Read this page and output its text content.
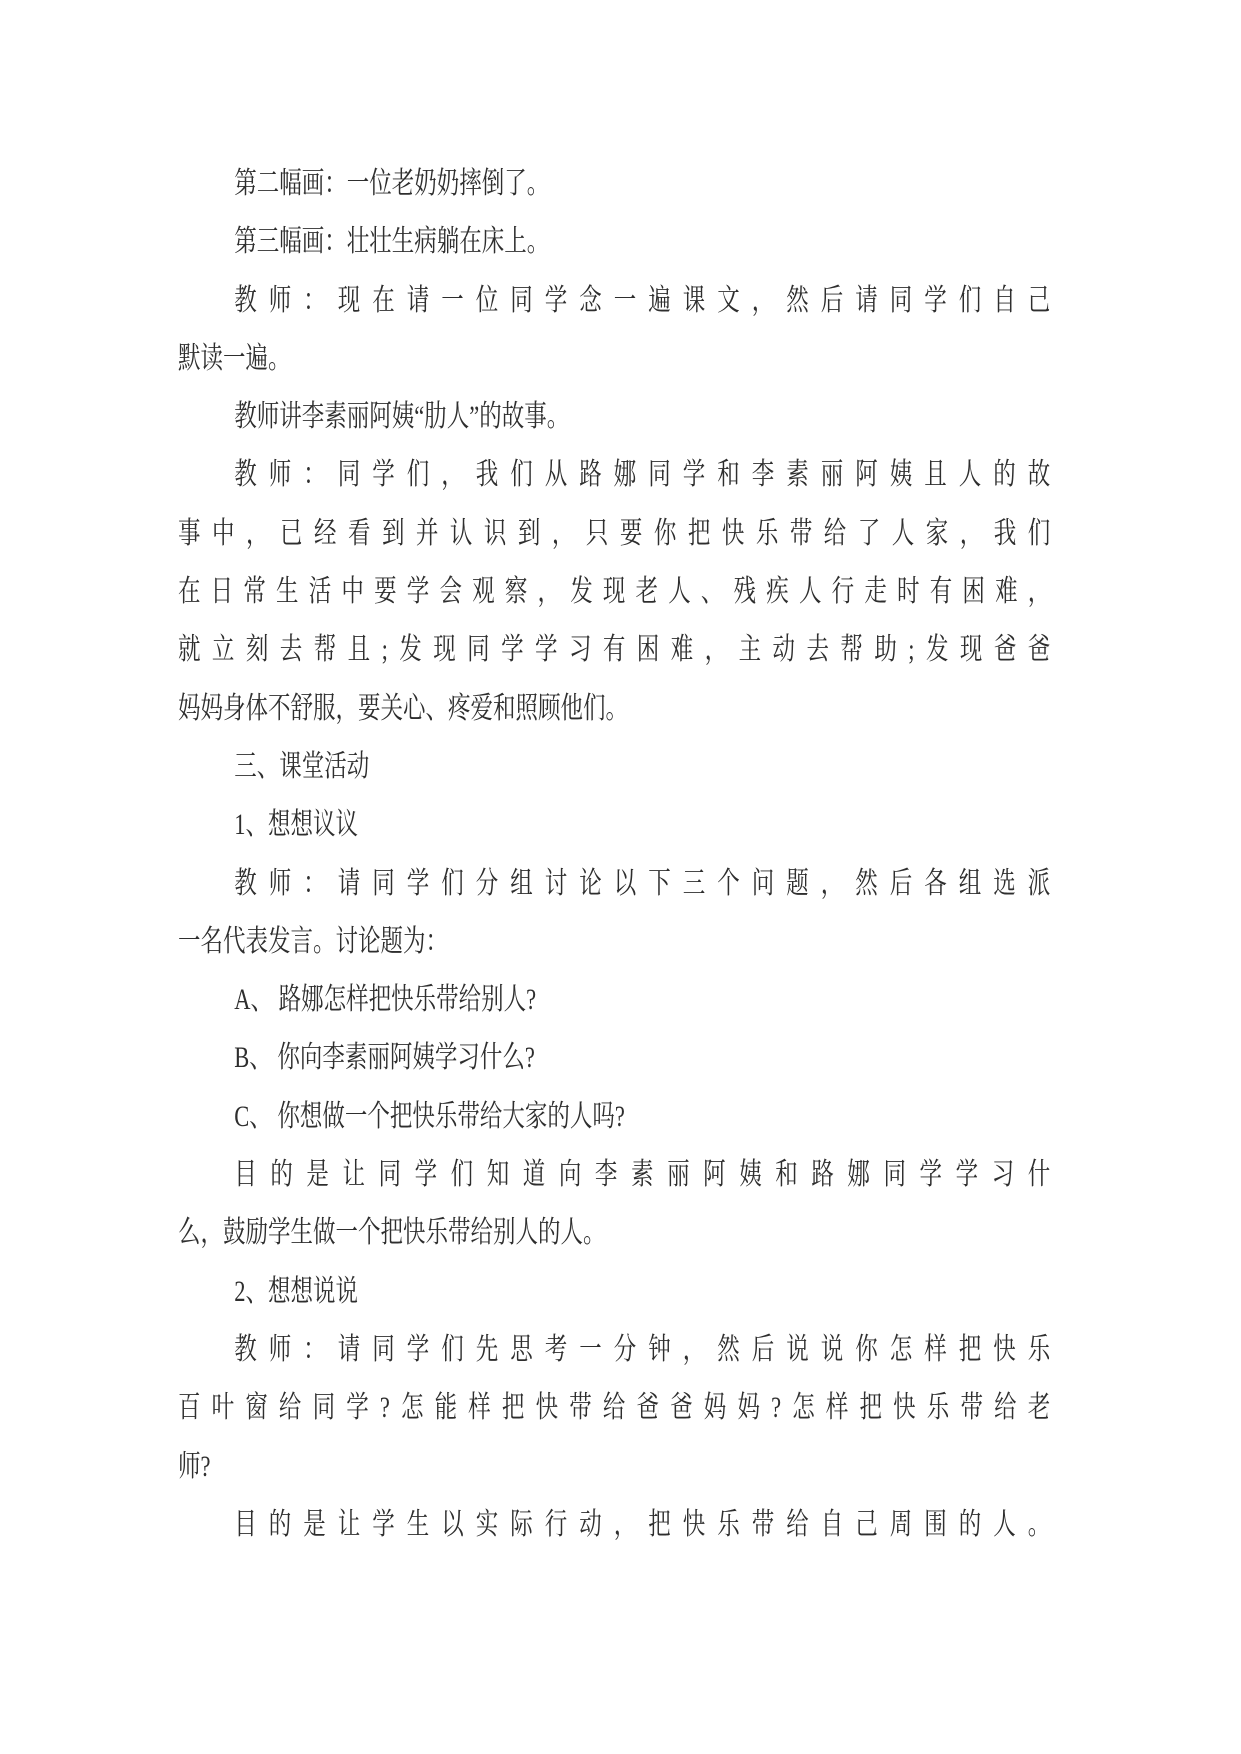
第二幅画：一位老奶奶摔倒了。
第三幅画：壮壮生病躺在床上。
教师：现在请一位同学念一遍课文，然后请同学们自己
默读一遍。
教师讲李素丽阿姨“肋人”的故事。
教师：同学们，我们从路娜同学和李素丽阿姨且人的故
事中，已经看到并认识到，只要你把快乐带给了人家，我们
在日常生活中要学会观察，发现老人、残疾人行走时有困难，
就立刻去帮且;发现同学学习有困难，主动去帮助;发现爸爸
妈妈身体不舒服，要关心、疼爱和照顾他们。
三、课堂活动
1、想想议议
教师：请同学们分组讨论以下三个问题，然后各组选派
一名代表发言。讨论题为：
A、 路娜怎样把快乐带给别人?
B、 你向李素丽阿姨学习什么?
C、 你想做一个把快乐带给大家的人吗?
目的是让同学们知道向李素丽阿姨和路娜同学学习什
么，鼓励学生做一个把快乐带给别人的人。
2、想想说说
教师：请同学们先思考一分钟，然后说说你怎样把快乐
百叶窗给同学?怎能样把快带给爸爸妈妈?怎样把快乐带给老
师?
目的是让学生以实际行动，把快乐带给自己周围的人。
